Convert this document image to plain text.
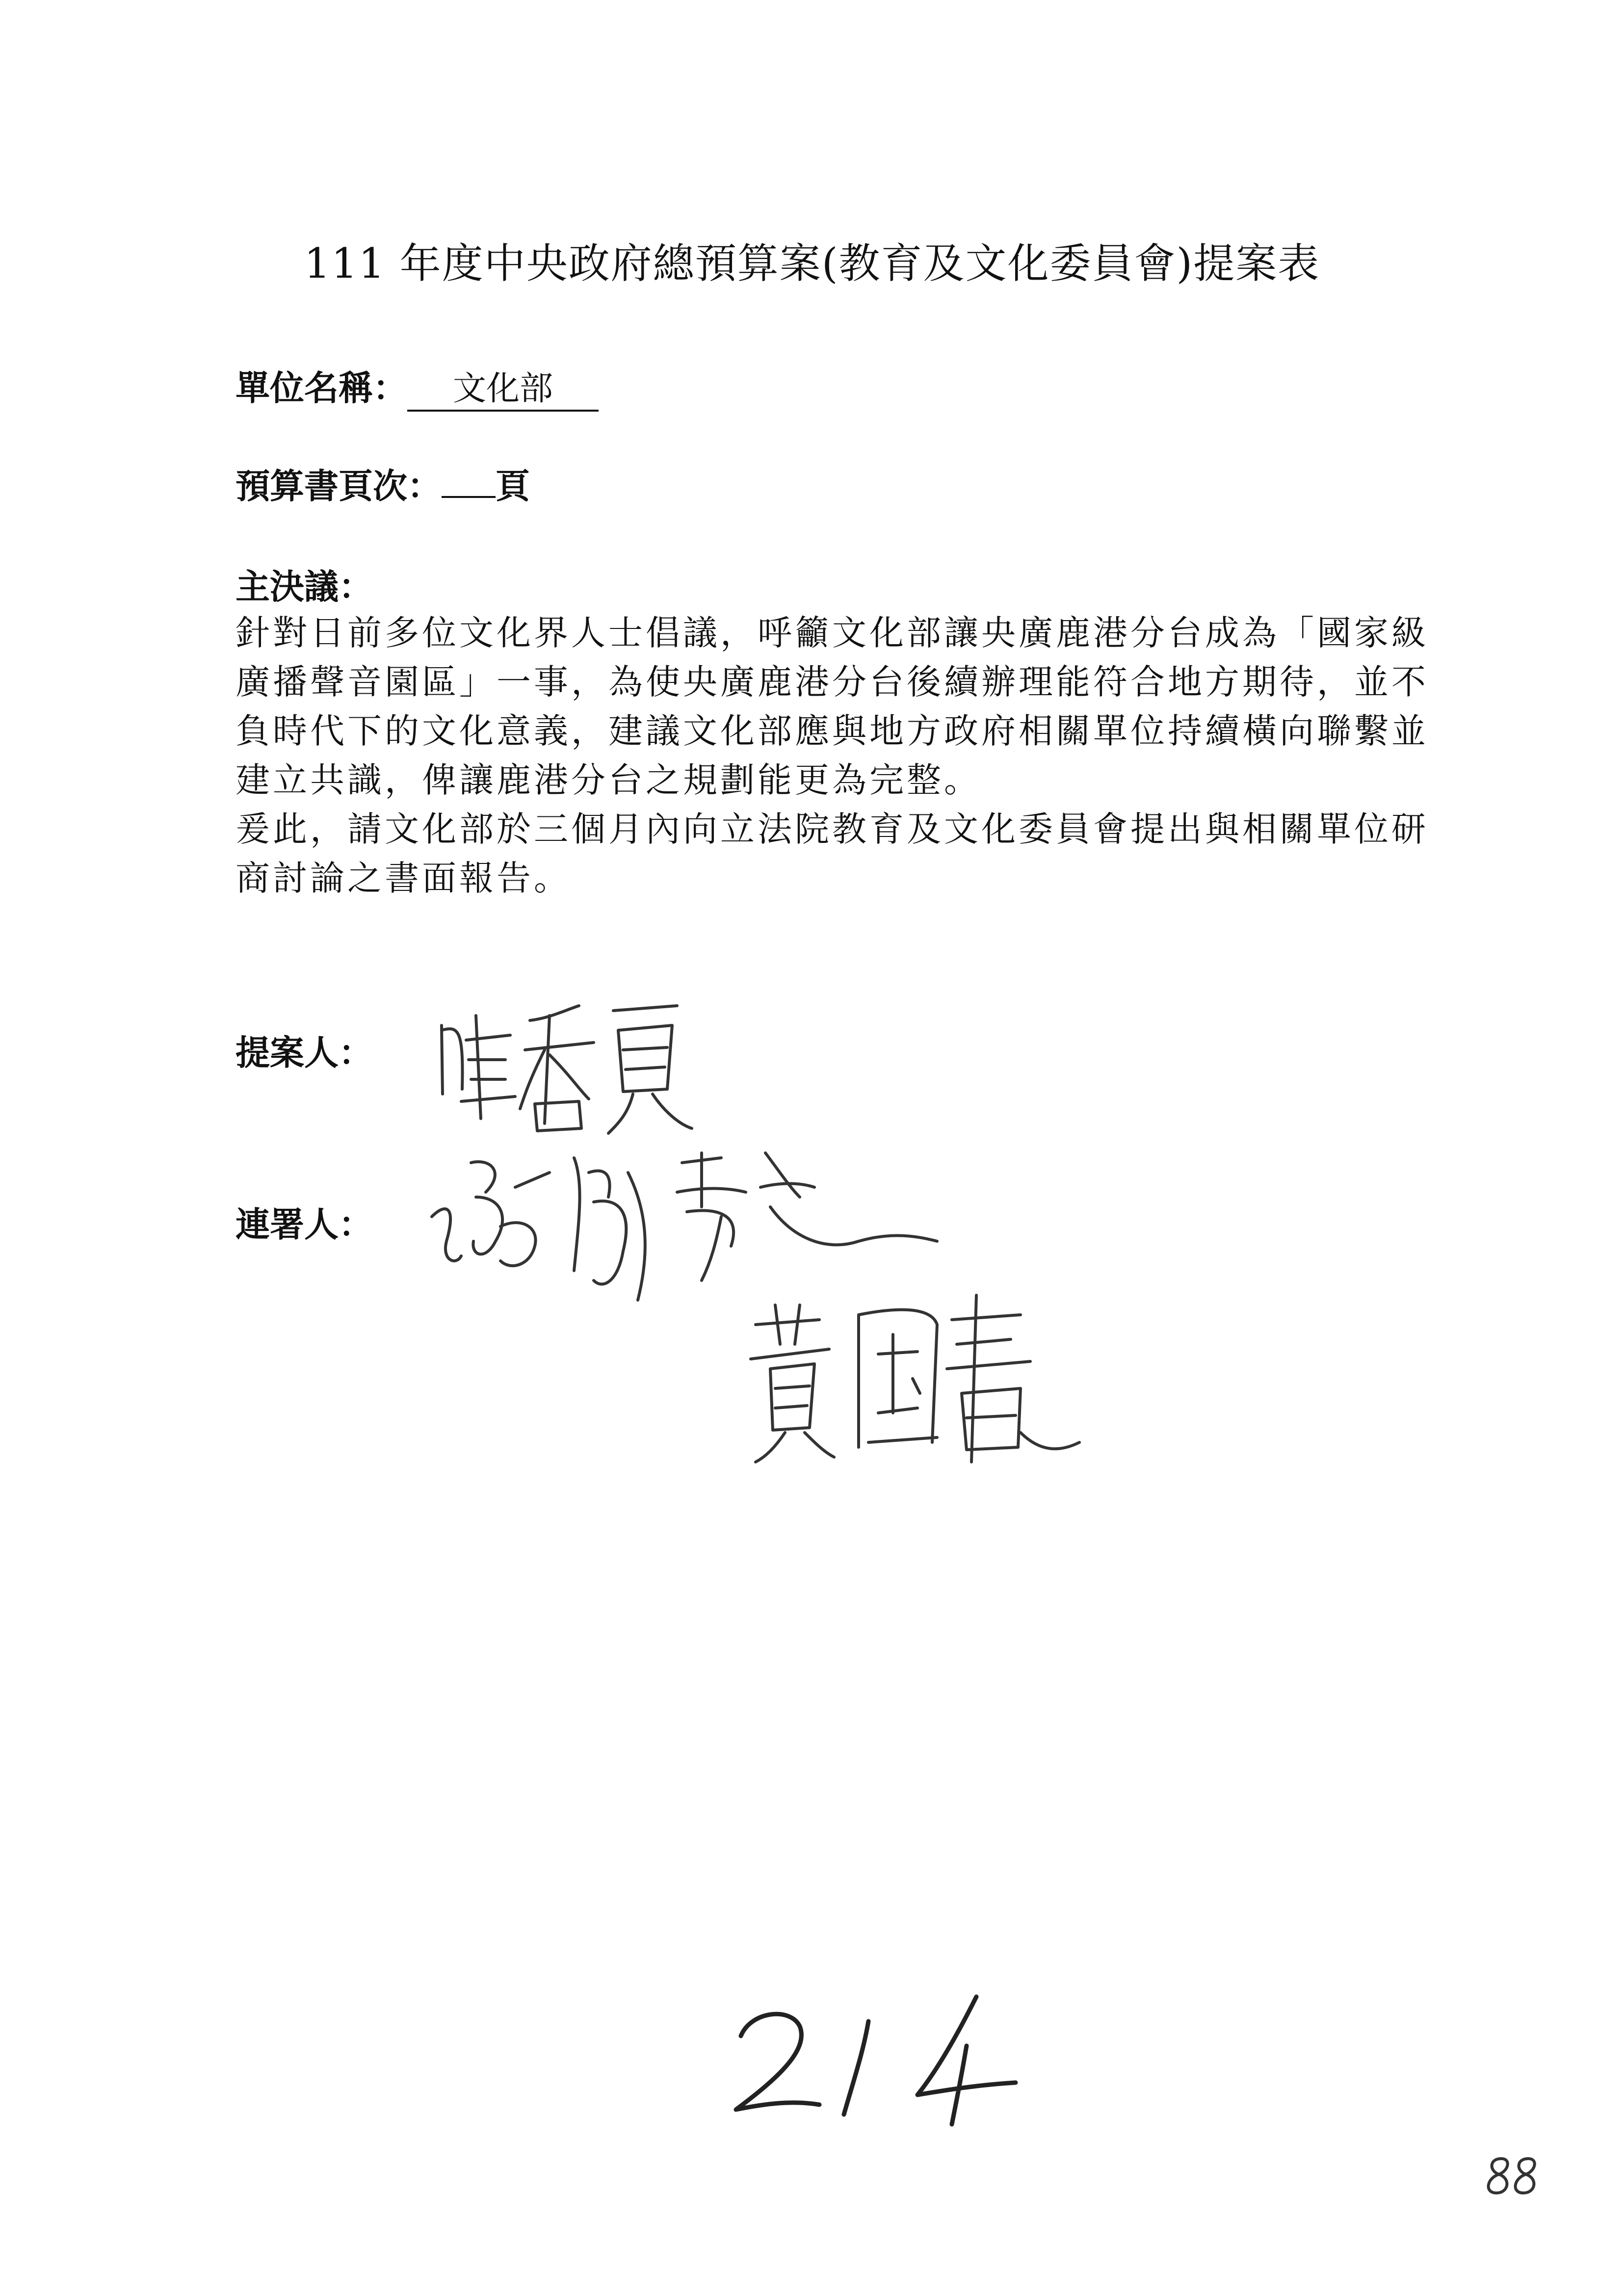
111 年度中央政府總預算案(教育及文化委員會)提案表
單位名稱： 文化部
預算書頁次： 頁
主決議：

針對日前多位文化界人士倡議，呼籲文化部讓央廣鹿港分台成為「國家級廣播聲音園區」一事，為使央廣鹿港分台後續辦理能符合地方期待，並不負時代下的文化意義，建議文化部應與地方政府相關單位持續橫向聯繫並建立共識，俾讓鹿港分台之規劃能更為完整。

爰此，請文化部於三個月內向立法院教育及文化委員會提出與相關單位研商討論之書面報告。

提案人：
連署人：
